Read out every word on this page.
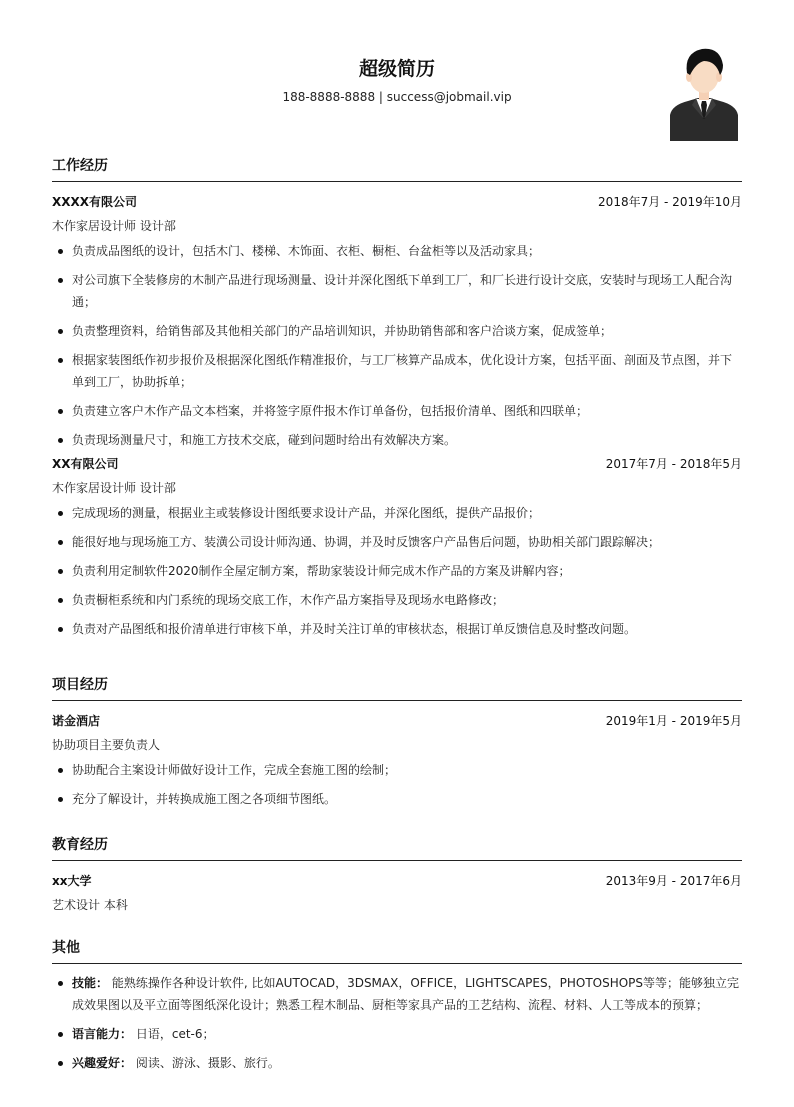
超级简历
188-8888-8888 | success@jobmail.vip
工作经历
XXXX有限公司	2018年7月 - 2019年10月
木作家居设计师 设计部
负责成品图纸的设计，包括木门、楼梯、木饰面、衣柜、橱柜、台盆柜等以及活动家具；
对公司旗下全装修房的木制产品进行现场测量、设计并深化图纸下单到工厂，和厂长进行设计交底，安装时与现场工人配合沟通；
负责整理资料，给销售部及其他相关部门的产品培训知识，并协助销售部和客户洽谈方案，促成签单；
根据家装图纸作初步报价及根据深化图纸作精准报价，与工厂核算产品成本，优化设计方案，包括平面、剖面及节点图，并下单到工厂，协助拆单；
负责建立客户木作产品文本档案，并将签字原件报木作订单备份，包括报价清单、图纸和四联单；
负责现场测量尺寸，和施工方技术交底，碰到问题时给出有效解决方案。
XX有限公司	2017年7月 - 2018年5月
木作家居设计师 设计部
完成现场的测量，根据业主或装修设计图纸要求设计产品，并深化图纸，提供产品报价；
能很好地与现场施工方、装潢公司设计师沟通、协调，并及时反馈客户产品售后问题，协助相关部门跟踪解决；
负责利用定制软件2020制作全屋定制方案，帮助家装设计师完成木作产品的方案及讲解内容；
负责橱柜系统和内门系统的现场交底工作，木作产品方案指导及现场水电路修改；
负责对产品图纸和报价清单进行审核下单，并及时关注订单的审核状态，根据订单反馈信息及时整改问题。
项目经历
诺金酒店	2019年1月 - 2019年5月
协助项目主要负责人
协助配合主案设计师做好设计工作，完成全套施工图的绘制；
充分了解设计，并转换成施工图之各项细节图纸。
教育经历
xx大学	2013年9月 - 2017年6月
艺术设计 本科
其他
技能： 能熟练操作各种设计软件, 比如AUTOCAD，3DSMAX，OFFICE，LIGHTSCAPES，PHOTOSHOPS等等；能够独立完成效果图以及平立面等图纸深化设计；熟悉工程木制品、厨柜等家具产品的工艺结构、流程、材料、人工等成本的预算；
语言能力： 日语，cet-6；
兴趣爱好： 阅读、游泳、摄影、旅行。
